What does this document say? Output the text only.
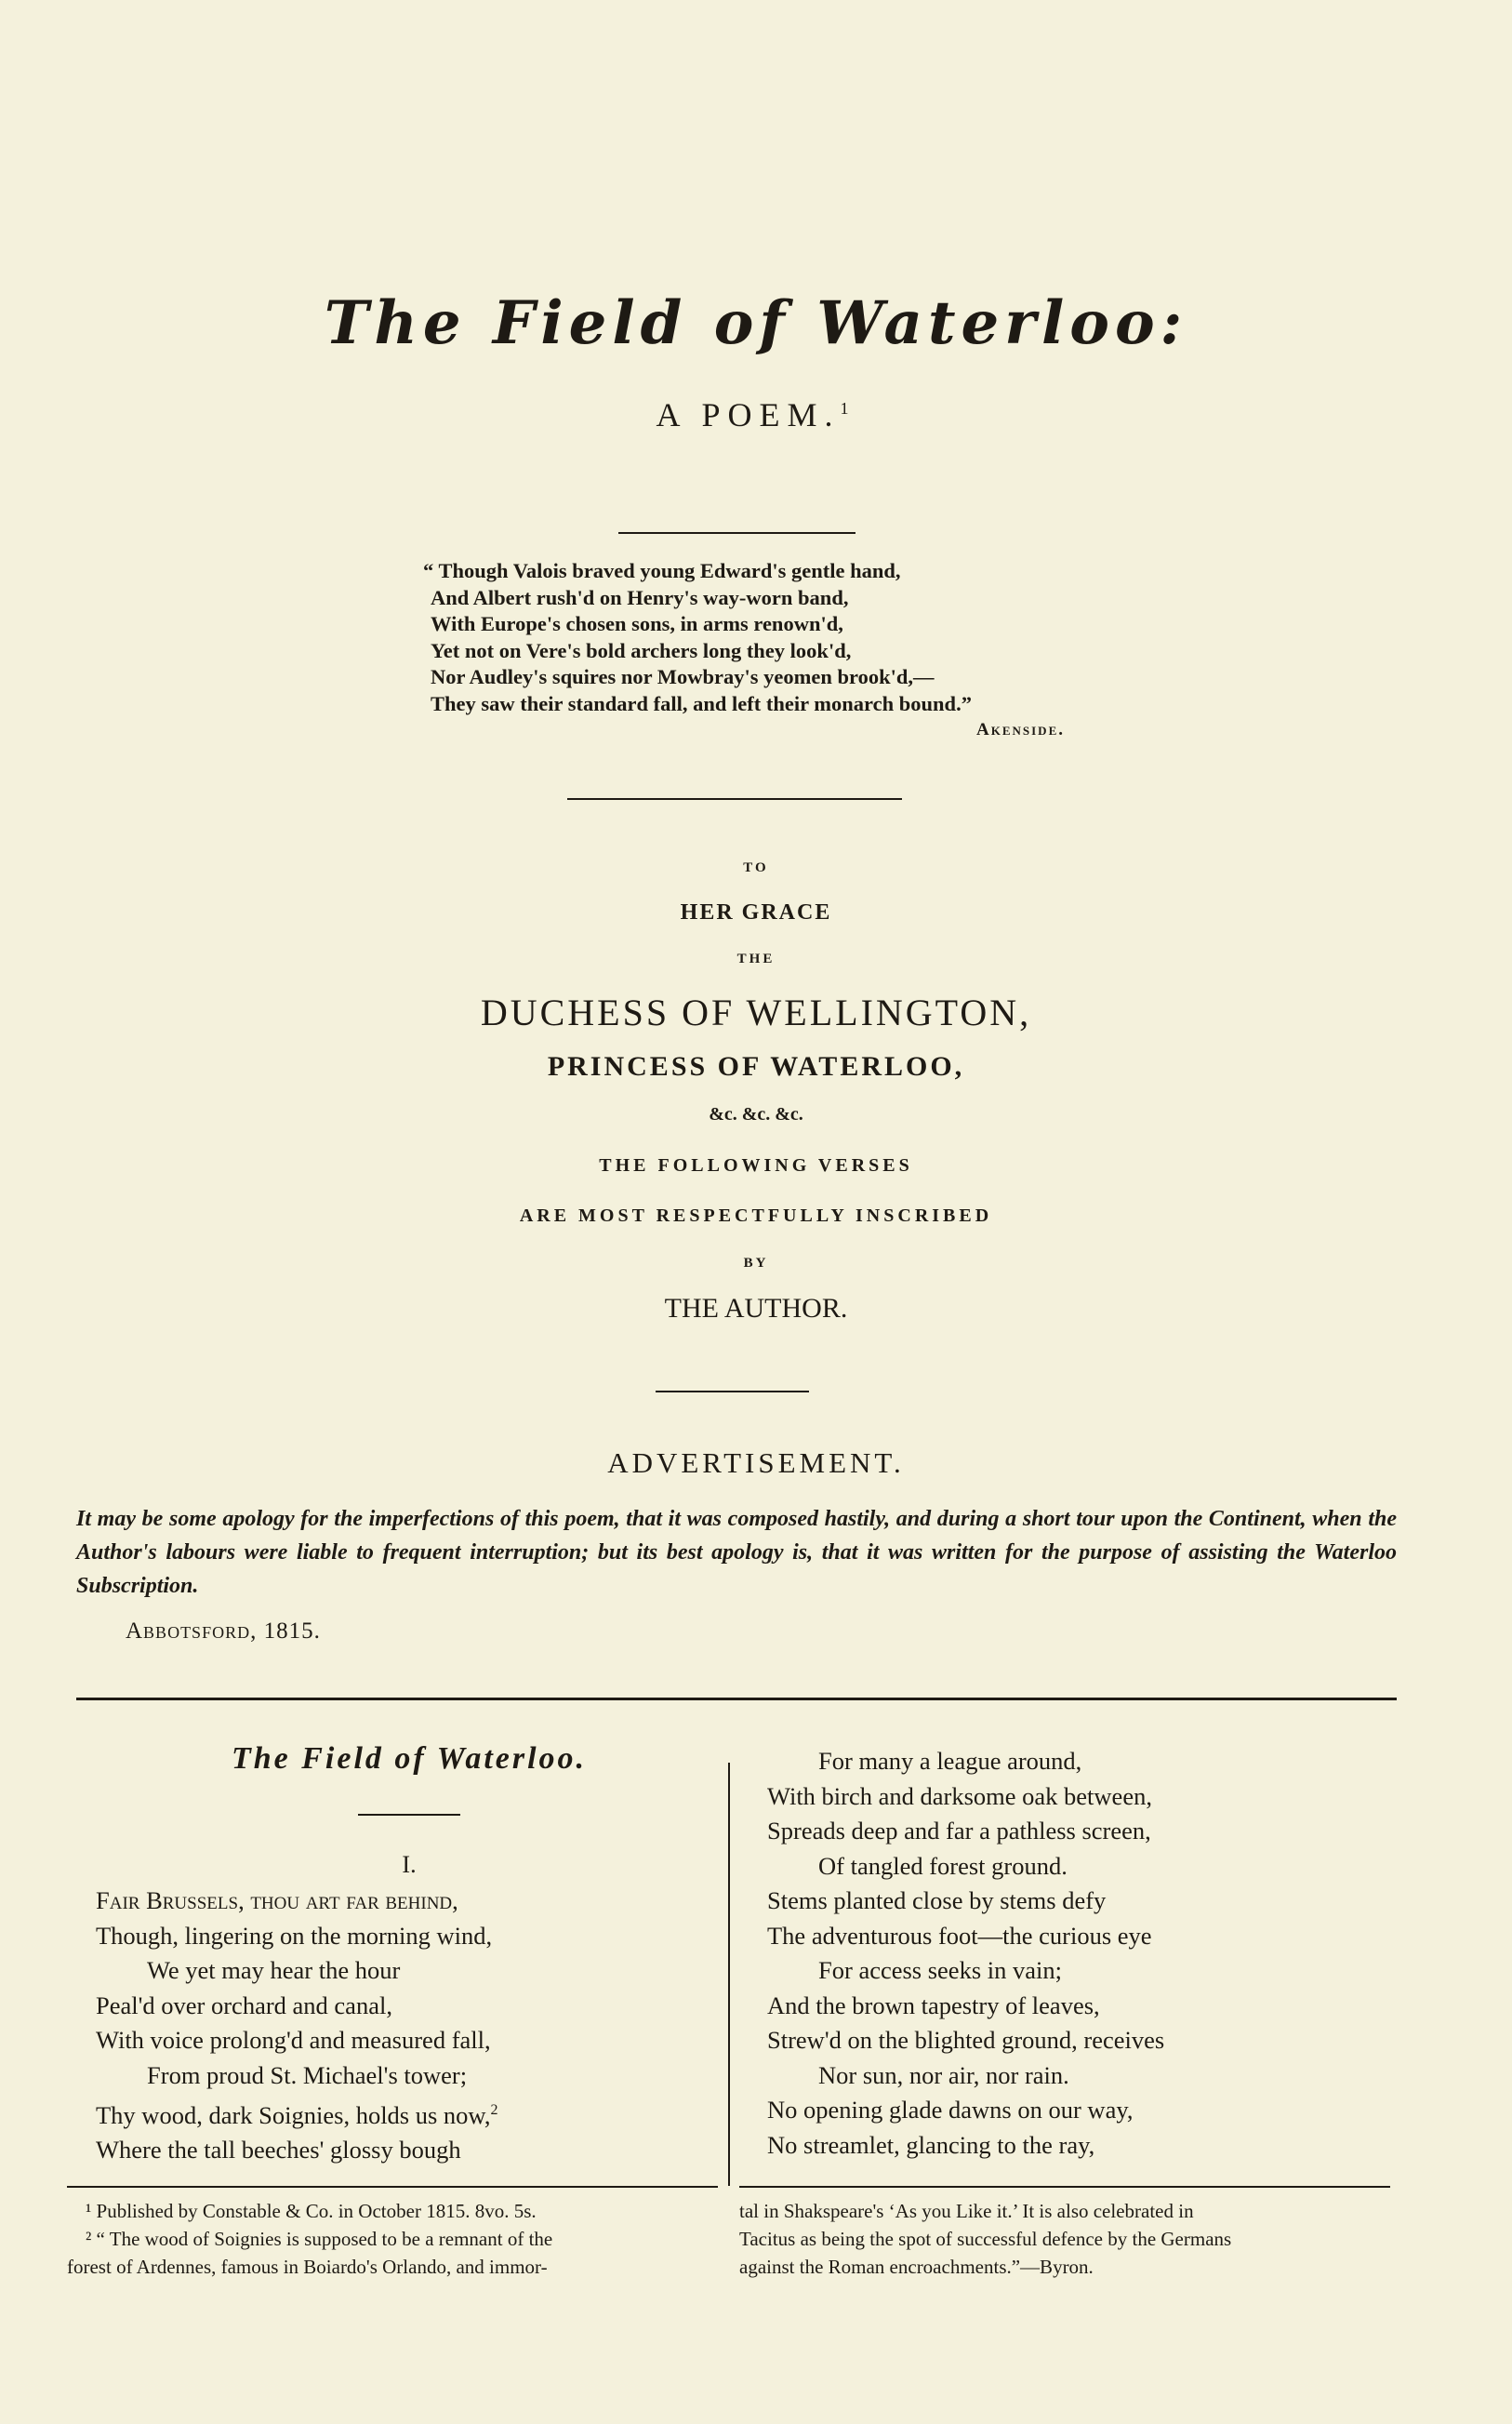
The Field of Waterloo:
A POEM.$^1$
“ Though Valois braved young Edward's gentle hand,
And Albert rush'd on Henry's way-worn band,
With Europe's chosen sons, in arms renown'd,
Yet not on Vere's bold archers long they look'd,
Nor Audley's squires nor Mowbray's yeomen brook'd,—
They saw their standard fall, and left their monarch bound.”
Akenside.
TO
HER GRACE
THE
DUCHESS OF WELLINGTON,
PRINCESS OF WATERLOO,
&c. &c. &c.
THE FOLLOWING VERSES
ARE MOST RESPECTFULLY INSCRIBED
BY
THE AUTHOR.
ADVERTISEMENT.
It may be some apology for the imperfections of this poem, that it was composed hastily, and during a short tour upon the Continent, when the Author's labours were liable to frequent interruption; but its best apology is, that it was written for the purpose of assisting the Waterloo Subscription.
Abbotsford, 1815.
The Field of Waterloo.
I.
Fair Brussels, thou art far behind,
Though, lingering on the morning wind,
We yet may hear the hour
Peal'd over orchard and canal,
With voice prolong'd and measured fall,
From proud St. Michael's tower;
Thy wood, dark Soignies, holds us now,$^2$
Where the tall beeches' glossy bough
For many a league around,
With birch and darksome oak between,
Spreads deep and far a pathless screen,
Of tangled forest ground.
Stems planted close by stems defy
The adventurous foot—the curious eye
For access seeks in vain;
And the brown tapestry of leaves,
Strew'd on the blighted ground, receives
Nor sun, nor air, nor rain.
No opening glade dawns on our way,
No streamlet, glancing to the ray,
¹ Published by Constable & Co. in October 1815. 8vo. 5s.
² “ The wood of Soignies is supposed to be a remnant of the
forest of Ardennes, famous in Boiardo's Orlando, and immor-
tal in Shakspeare's ‘As you Like it.’ It is also celebrated in
Tacitus as being the spot of successful defence by the Germans
against the Roman encroachments.”—Byron.
